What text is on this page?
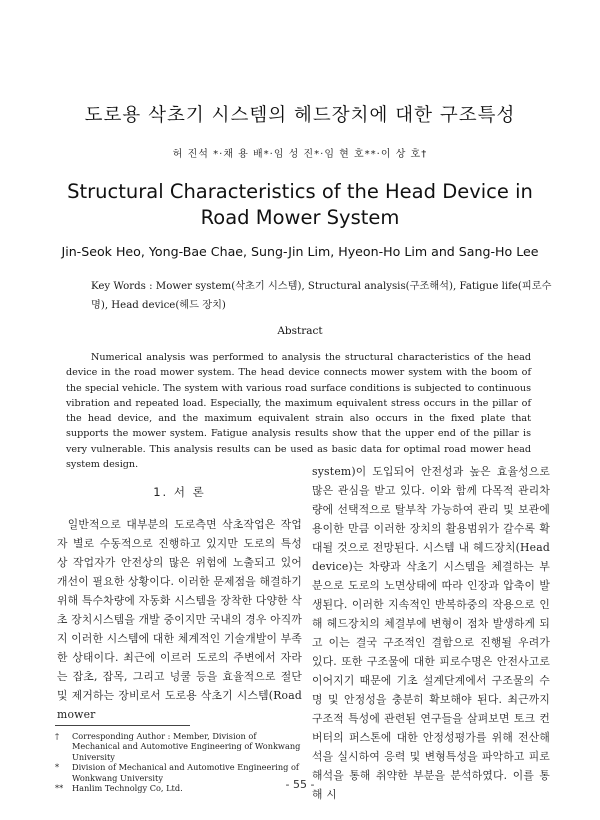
도로용 삭초기 시스템의 헤드장치에 대한 구조특성
허 진석 *·채 용 배*·임 성 진*·임 현 호**·이 상 호†
Structural Characteristics of the Head Device in Road Mower System
Jin-Seok Heo, Yong-Bae Chae, Sung-Jin Lim, Hyeon-Ho Lim and Sang-Ho Lee
Key Words : Mower system(삭초기 시스템), Structural analysis(구조해석), Fatigue life(피로수명), Head device(헤드 장치)
Abstract
Numerical analysis was performed to analysis the structural characteristics of the head device in the road mower system. The head device connects mower system with the boom of the special vehicle. The system with various road surface conditions is subjected to continuous vibration and repeated load. Especially, the maximum equivalent stress occurs in the pillar of the head device, and the maximum equivalent strain also occurs in the fixed plate that supports the mower system. Fatigue analysis results show that the upper end of the pillar is very vulnerable. This analysis results can be used as basic data for optimal road mower head system design.
1. 서 론
일반적으로 대부분의 도로측면 삭초작업은 작업자 별로 수동적으로 진행하고 있지만 도로의 특성 상 작업자가 안전상의 많은 위험에 노출되고 있어 개선이 필요한 상황이다. 이러한 문제점을 해결하기 위해 특수차량에 자동화 시스템을 장착한 다양한 삭초 장치시스템을 개발 중이지만 국내의 경우 아직까지 이러한 시스템에 대한 체계적인 기술개발이 부족한 상태이다. 최근에 이르러 도로의 주변에서 자라는 잡초, 잡목, 그리고 넝쿨 등을 효율적으로 절단 및 제거하는 장비로서 도로용 삭초기 시스템(Road mower
system)이 도입되어 안전성과 높은 효율성으로 많은 관심을 받고 있다. 이와 함께 다목적 관리차량에 선택적으로 탈부착 가능하여 관리 및 보관에 용이한 만큼 이러한 장치의 활용범위가 갈수록 확대될 것으로 전망된다. 시스템 내 헤드장치(Head device)는 차량과 삭초기 시스템을 체결하는 부분으로 도로의 노면상태에 따라 인장과 압축이 발생된다. 이러한 지속적인 반복하중의 작용으로 인해 헤드장치의 체결부에 변형이 점차 발생하게 되고 이는 결국 구조적인 결함으로 진행될 우려가 있다. 또한 구조물에 대한 피로수명은 안전사고로 이어지기 때문에 기초 설계단계에서 구조물의 수명 및 안정성을 충분히 확보해야 된다. 최근까지 구조적 특성에 관련된 연구들을 살펴보면 토크 컨버터의 퍼스톤에 대한 안정성평가를 위해 전산해석을 실시하여 응력 및 변형특성을 파악하고 피로해석을 통해 취약한 부분을 분석하였다. 이를 통해 시
†	Corresponding Author : Member, Division of Mechanical and Automotive Engineering of Wonkwang University
*	Division of Mechanical and Automotive Engineering of Wonkwang University
**	Hanlim Technolgy Co, Ltd.	- 55 -
